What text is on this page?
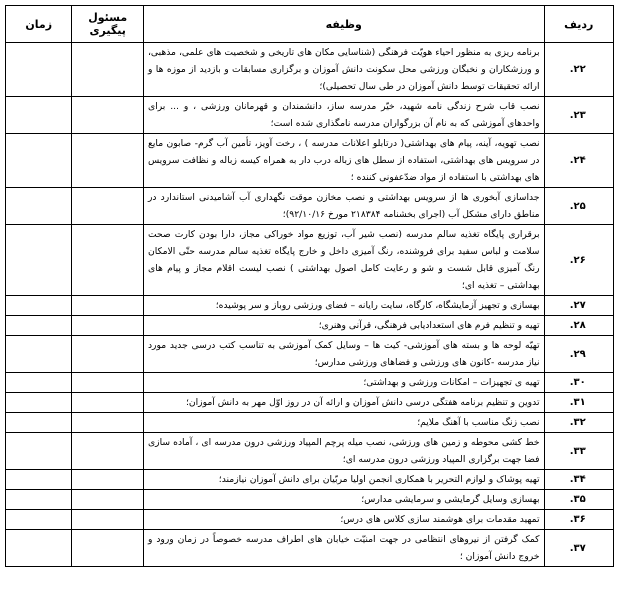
ردیف	وظیفه	مسئول پیگیری	زمان
۲۲.	برنامه ریزی به منظور احیاء هویّت فرهنگی (شناسایی مکان های تاریخی و شخصیت های علمی، مذهبی، و ورزشکاران و نخبگان ورزشی محل سکونت دانش آموزان و برگزاری مسابقات و بازدید از موزه ها و ارائه تحقیقات توسط دانش آموزان در طی سال تحصیلی)؛		
۲۳.	نصب قاب شرح زندگی نامه شهید، خیّر مدرسه ساز، دانشمندان و قهرمانان ورزشی ، و ... برای واحدهای آموزشی که به نام آن بزرگواران مدرسه نامگذاری شده است؛		
۲۴.	نصب تهویه، آینه، پیام های بهداشتی( درتابلو اعلانات مدرسه ) ، رخت آویز، تأمین آب گرم- صابون مایع در سرویس های بهداشتی، استفاده از سطل های زباله درب دار به همراه کیسه زباله و نظافت سرویس های بهداشتی با استفاده از مواد ضدّعفونی کننده ؛		
۲۵.	جداسازی آبخوری ها از سرویس بهداشتی و نصب مخازن موقت نگهداری آب آشامیدنی استاندارد در مناطق دارای مشکل آب (اجرای بخشنامه ۲۱۸۳۸۴ مورخ ۹۲/۱۰/۱۶)؛		
۲۶.	برقراری پایگاه تغذیه سالم مدرسه (نصب شیر آب، توزیع مواد خوراکی مجاز، دارا بودن کارت صحت سلامت و لباس سفید برای فروشنده، رنگ آمیزی داخل و خارج پایگاه تغذیه سالم مدرسه حتّی الامکان رنگ آمیزی قابل شست و شو و رعایت کامل اصول بهداشتی ) نصب لیست اقلام مجاز و پیام های بهداشتی – تغذیه ای؛		
۲۷.	بهسازی و تجهیز آزمایشگاه، کارگاه، سایت رایانه – فضای ورزشی روباز و سر پوشیده؛		
۲۸.	تهیه و تنظیم فرم های استعدادیابی فرهنگی، قرآنی وهنری؛		
۲۹.	تهیّه لوحه ها و بسته های آموزشی- کیت ها – وسایل کمک آموزشی به تناسب کتب درسی جدید مورد نیاز مدرسه -کانون های ورزشی و فضاهای ورزشی مدارس؛		
۳۰.	تهیه ی تجهیزات – امکانات ورزشی و بهداشتی؛		
۳۱.	تدوین و تنظیم برنامه هفتگی درسی دانش آموزان و ارائه آن در روز اوّل مهر به دانش آموزان؛		
۳۲.	نصب زنگ مناسب با آهنگ ملایم؛		
۳۳.	خط کشی محوطه و زمین های ورزشی، نصب میله پرچم المپیاد ورزشی درون مدرسه ای ، آماده سازی فضا جهت برگزاری المپیاد ورزشی درون مدرسه ای؛		
۳۴.	تهیه پوشاک و لوازم التحریر با همکاری انجمن اولیا مربّیان برای دانش آموزان نیازمند؛		
۳۵.	بهسازی وسایل گرمایشی و سرمایشی مدارس؛		
۳۶.	تمهید مقدمات برای هوشمند سازی کلاس های درس؛		
۳۷.	کمک گرفتن از نیروهای انتظامی در جهت امنیّت خیابان های اطراف مدرسه خصوصاً در زمان ورود و خروج دانش آموزان ؛		
